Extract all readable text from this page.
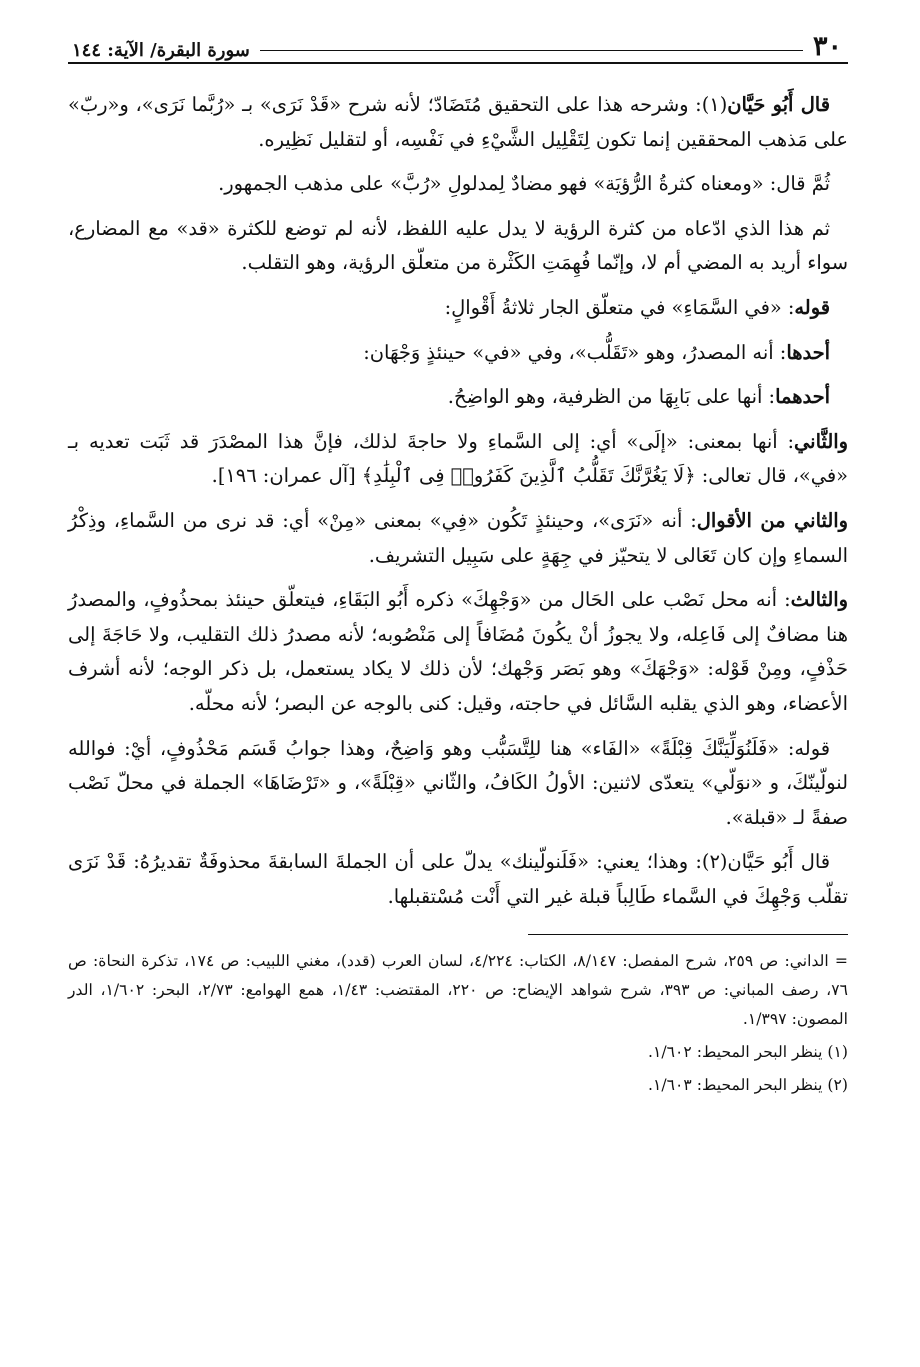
٣٠
سورة البقرة/ الآية: ١٤٤

قال أَبُو حَيَّان(١): وشرحه هذا على التحقيق مُتَضَادّ؛ لأنه شرح «قَدْ نَرَى» بـ «رُبَّما نَرَى»، و«ربّ» على مَذهب المحققين إنما تكون لِتَقْلِيل الشَّيْءِ في نَفْسِه، أو لتقليل نَظِيره.

ثُمَّ قال: «ومعناه كثرةُ الرُّؤيَة» فهو مضادٌ لِمدلولِ «رُبَّ» على مذهب الجمهور.

ثم هذا الذي ادّعاه من كثرة الرؤية لا يدل عليه اللفظ، لأنه لم توضع للكثرة «قد» مع المضارع، سواء أريد به المضي أم لا، وإنّما فُهِمَتِ الكَثْرة من متعلّق الرؤية، وهو التقلب.

قوله: «في السَّمَاءِ» في متعلّق الجار ثلاثةُ أَقْوالٍ:

أحدها: أنه المصدرُ، وهو «تَقَلُّب»، وفي «في» حينئذٍ وَجْهَان:

أحدهما: أنها على بَابِهَا من الظرفية، وهو الواضِحُ.

والثَّاني: أنها بمعنى: «إلَى» أي: إلى السَّماءِ ولا حاجةَ لذلك، فإنَّ هذا المصْدَرَ قد ثَبَت تعديه بـ «في»، قال تعالى: ﴿لَا يَغُرَّنَّكَ تَقَلُّبُ ٱلَّذِينَ كَفَرُوا۟ فِى ٱلْبِلَٰدِ﴾ [آل عمران: ١٩٦].

والثاني من الأقوال: أنه «نَرَى»، وحينئذٍ تَكُون «فِي» بمعنى «مِنْ» أي: قد نرى من السَّماءِ، وذِكْرُ السماءِ وإن كان تَعَالى لا يتحيّز في جِهَةٍ على سَبِيل التشريف.

والثالث: أنه محل نَصْب على الحَال من «وَجْهِكَ» ذكره أَبُو البَقَاءِ، فيتعلّق حينئذ بمحذُوفٍ، والمصدرُ هنا مضافٌ إلى فَاعِله، ولا يجوزُ أنْ يكُونَ مُضَافاً إلى مَنْصُوبه؛ لأنه مصدرُ ذلك التقليب، ولا حَاجَةَ إلى حَذْفٍ، ومِنْ قَوْله: «وَجْهَكَ» وهو بَصَر وَجْهك؛ لأن ذلك لا يكاد يستعمل، بل ذكر الوجه؛ لأنه أشرف الأعضاء، وهو الذي يقلبه السَّائل في حاجته، وقيل: كنى بالوجه عن البصر؛ لأنه محلّه.

قوله: «فَلَنُوَلِّيَنَّكَ قِبْلَةً» «الفَاء» هنا للِتَّسَبُّب وهو وَاضِحٌ، وهذا جوابُ قَسَم مَحْذُوفٍ، أيْ: فوالله لنولّينّكَ، و «نوَلّي» يتعدّى لاثنين: الأولُ الكَافُ، والثّاني «قِبْلَةً»، و «تَرْضَاهَا» الجملة في محلّ نَصْب صفةً لـ «قبلة».

قال أَبُو حَيَّان(٢): وهذا؛ يعني: «فَلَنولّينك» يدلّ على أن الجملةَ السابقةَ محذوفَةٌ تقديرُهُ: قَدْ نَرَى تقلّب وَجْهِكَ في السَّماء طَالِباً قبلة غير التي أَنْت مُسْتقبلها.

= الداني: ص ٢٥٩، شرح المفصل: ٨/١٤٧، الكتاب: ٤/٢٢٤، لسان العرب (قدد)، مغني اللبيب: ص ١٧٤، تذكرة النحاة: ص ٧٦، رصف المباني: ص ٣٩٣، شرح شواهد الإيضاح: ص ٢٢٠، المقتضب: ١/٤٣، همع الهوامع: ٢/٧٣، البحر: ١/٦٠٢، الدر المصون: ١/٣٩٧.

(١) ينظر البحر المحيط: ١/٦٠٢.

(٢) ينظر البحر المحيط: ١/٦٠٣.
